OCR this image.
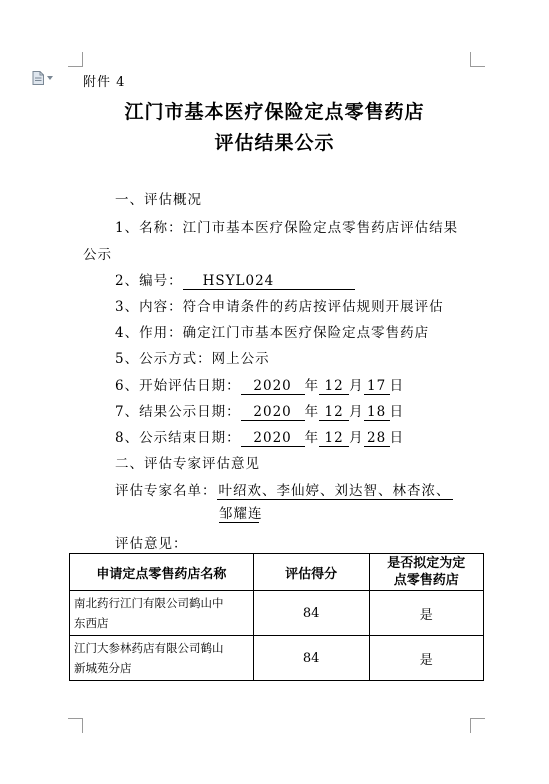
附件 4
江门市基本医疗保险定点零售药店
评估结果公示
一、评估概况
1、名称：江门市基本医疗保险定点零售药店评估结果
公示
2、编号： HSYL024
3、内容：符合申请条件的药店按评估规则开展评估
4、作用：确定江门市基本医疗保险定点零售药店
5、公示方式：网上公示
6、开始评估日期： 2020 年 12 月 17 日
7、结果公示日期： 2020 年 12 月 18 日
8、公示结束日期： 2020 年 12 月 28 日
二、评估专家评估意见
评估专家名单： 叶绍欢、李仙婷、刘达智、林杏浓、
邹耀连
评估意见：
申请定点零售药店名称	评估得分	是否拟定为定
点零售药店
南北药行江门有限公司鹤山中
东西店	84	是
江门大参林药店有限公司鹤山
新城苑分店	84	是
